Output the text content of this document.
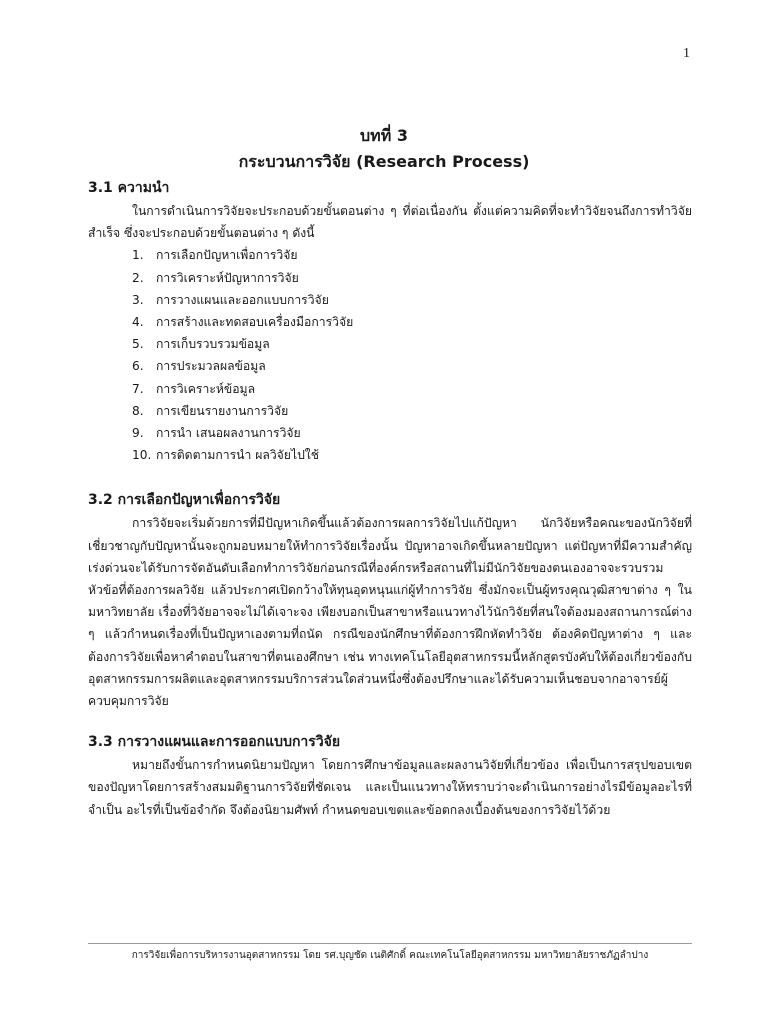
1
บทที่ 3
กระบวนการวิจัย (Research Process)
3.1 ความนำ

ในการดำเนินการวิจัยจะประกอบด้วยขั้นตอนต่าง ๆ ที่ต่อเนื่องกัน ตั้งแต่ความคิดที่จะทำวิจัยจนถึงการทำวิจัยสำเร็จ ซึ่งจะประกอบด้วยขั้นตอนต่าง ๆ ดังนี้

1. การเลือกปัญหาเพื่อการวิจัย
2. การวิเคราะห์ปัญหาการวิจัย
3. การวางแผนและออกแบบการวิจัย
4. การสร้างและทดสอบเครื่องมือการวิจัย
5. การเก็บรวบรวมข้อมูล
6. การประมวลผลข้อมูล
7. การวิเคราะห์ข้อมูล
8. การเขียนรายงานการวิจัย
9. การนำ เสนอผลงานการวิจัย
10. การติดตามการนำ ผลวิจัยไปใช้
3.2 การเลือกปัญหาเพื่อการวิจัย

การวิจัยจะเริ่มด้วยการที่มีปัญหาเกิดขึ้นแล้วต้องการผลการวิจัยไปแก้ปัญหา นักวิจัยหรือคณะของนักวิจัยที่เชี่ยวชาญกับปัญหานั้นจะถูกมอบหมายให้ทำการวิจัยเรื่องนั้น ปัญหาอาจเกิดขึ้นหลายปัญหา แต่ปัญหาที่มีความสำคัญเร่งด่วนจะได้รับการจัดอันดับเลือกทำการวิจัยก่อนกรณีที่องค์กรหรือสถานที่ไม่มีนักวิจัยของตนเองอาจจะรวบรวมหัวข้อที่ต้องการผลวิจัย แล้วประกาศเปิดกว้างให้ทุนอุดหนุนแก่ผู้ทำการวิจัย ซึ่งมักจะเป็นผู้ทรงคุณวุฒิสาขาต่าง ๆ ในมหาวิทยาลัย เรื่องที่วิจัยอาจจะไม่ได้เจาะจง เพียงบอกเป็นสาขาหรือแนวทางไว้นักวิจัยที่สนใจต้องมองสถานการณ์ต่าง ๆ แล้วกำหนดเรื่องที่เป็นปัญหาเองตามที่ถนัด กรณีของนักศึกษาที่ต้องการฝึกหัดทำวิจัย ต้องคิดปัญหาต่าง ๆ และต้องการวิจัยเพื่อหาคำตอบในสาขาที่ตนเองศึกษา เช่น ทางเทคโนโลยีอุตสาหกรรมนี้หลักสูตรบังคับให้ต้องเกี่ยวข้องกับอุตสาหกรรมการผลิตและอุตสาหกรรมบริการส่วนใดส่วนหนึ่งซึ่งต้องปรึกษาและได้รับความเห็นชอบจากอาจารย์ผู้ควบคุมการวิจัย

3.3 การวางแผนและการออกแบบการวิจัย

หมายถึงขั้นการกำหนดนิยามปัญหา โดยการศึกษาข้อมูลและผลงานวิจัยที่เกี่ยวข้อง เพื่อเป็นการสรุปขอบเขตของปัญหาโดยการสร้างสมมติฐานการวิจัยที่ชัดเจน และเป็นแนวทางให้ทราบว่าจะดำเนินการอย่างไรมีข้อมูลอะไรที่จำเป็น อะไรที่เป็นข้อจำกัด จึงต้องนิยามศัพท์ กำหนดขอบเขตและข้อตกลงเบื้องต้นของการวิจัยไว้ด้วย

การวิจัยเพื่อการบริหารงานอุตสาหกรรม โดย รศ.บุญชัด เนติศักดิ์ คณะเทคโนโลยีอุตสาหกรรม มหาวิทยาลัยราชภัฏลำปาง
